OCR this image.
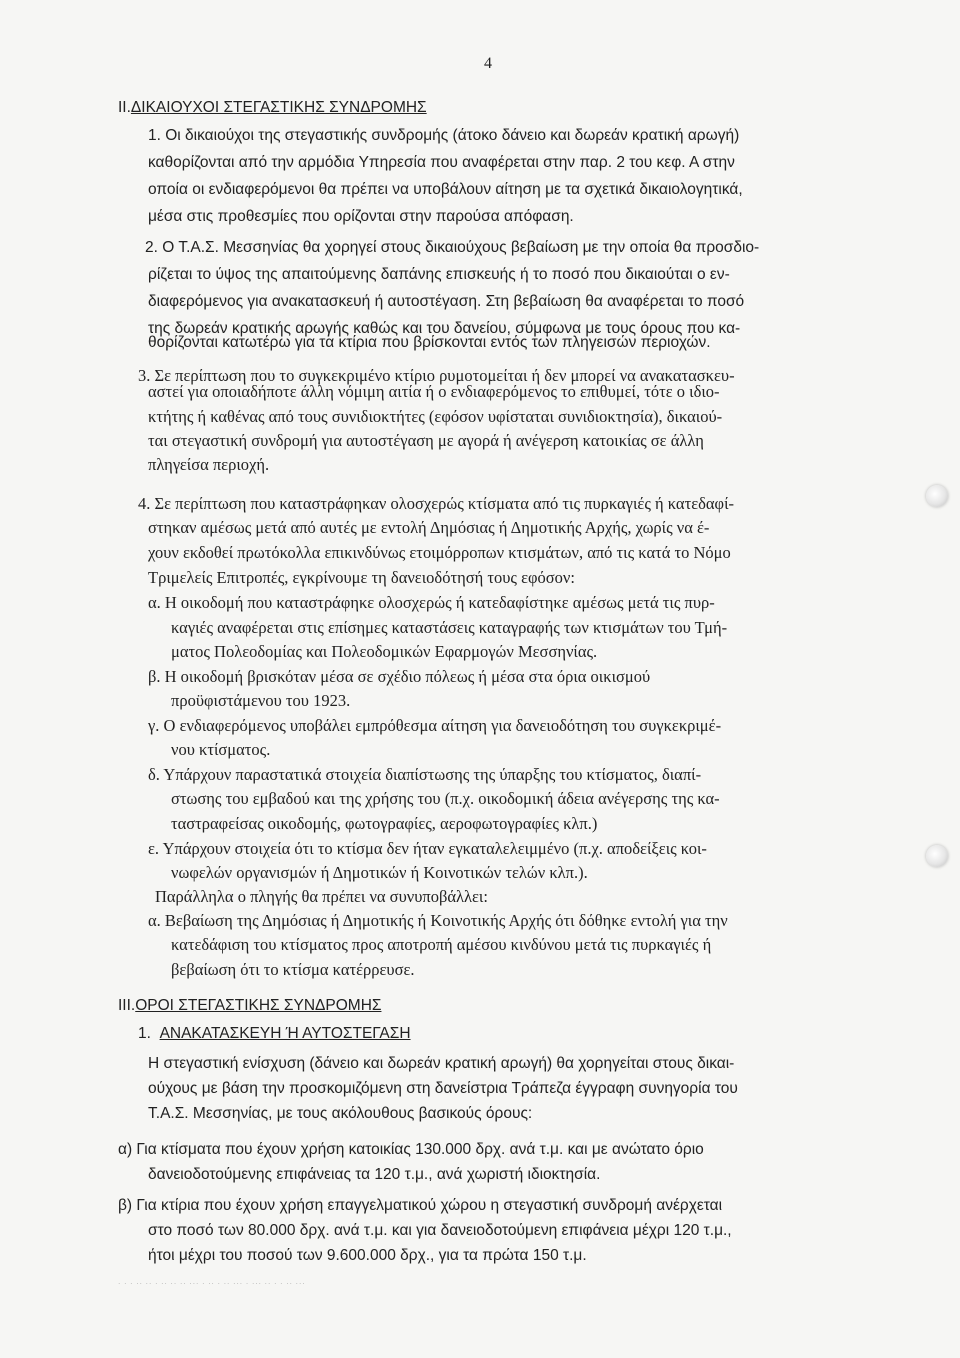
4
II.ΔΙΚΑΙΟΥΧΟΙ ΣΤΕΓΑΣΤΙΚΗΣ ΣΥΝΔΡΟΜΗΣ
1. Οι δικαιούχοι της στεγαστικής συνδρομής (άτοκο δάνειο και δωρεάν κρατική αρωγή)
καθορίζονται από την αρμόδια Υπηρεσία που αναφέρεται στην παρ. 2 του κεφ. Α στην
οποία οι ενδιαφερόμενοι θα πρέπει να υποβάλουν αίτηση με τα σχετικά δικαιολογητικά,
μέσα στις προθεσμίες που ορίζονται στην παρούσα απόφαση.
2. Ο Τ.Α.Σ. Μεσσηνίας θα χορηγεί στους δικαιούχους βεβαίωση με την οποία θα προσδιο-
ρίζεται το ύψος της απαιτούμενης δαπάνης επισκευής ή το ποσό που δικαιούται ο εν-
διαφερόμενος για ανακατασκευή ή αυτοστέγαση. Στη βεβαίωση θα αναφέρεται το ποσό
της δωρεάν κρατικής αρωγής καθώς και του δανείου, σύμφωνα με τους όρους που κα-
θορίζονται κατωτέρω για τα κτίρια που βρίσκονται εντός των πληγεισών περιοχών.
3. Σε περίπτωση που το συγκεκριμένο κτίριο ρυμοτομείται ή δεν μπορεί να ανακατασκευ-
αστεί για οποιαδήποτε άλλη νόμιμη αιτία ή ο ενδιαφερόμενος το επιθυμεί, τότε ο ιδιο-
κτήτης ή καθένας από τους συνιδιοκτήτες (εφόσον υφίσταται συνιδιοκτησία), δικαιού-
ται στεγαστική συνδρομή για αυτοστέγαση με αγορά ή ανέγερση κατοικίας σε άλλη
πληγείσα περιοχή.
4. Σε περίπτωση που καταστράφηκαν ολοσχερώς κτίσματα από τις πυρκαγιές ή κατεδαφί-
στηκαν αμέσως μετά από αυτές με εντολή Δημόσιας ή Δημοτικής Αρχής, χωρίς να έ-
χουν εκδοθεί πρωτόκολλα επικινδύνως ετοιμόρροπων κτισμάτων, από τις κατά το Νόμο
Τριμελείς Επιτροπές, εγκρίνουμε τη δανειοδότησή τους εφόσον:
α. Η οικοδομή που καταστράφηκε ολοσχερώς ή κατεδαφίστηκε αμέσως μετά τις πυρ-
καγιές αναφέρεται στις επίσημες καταστάσεις καταγραφής των κτισμάτων του Τμή-
ματος Πολεοδομίας και Πολεοδομικών Εφαρμογών Μεσσηνίας.
β. Η οικοδομή βρισκόταν μέσα σε σχέδιο πόλεως ή μέσα στα όρια οικισμού
προϋφιστάμενου του 1923.
γ. Ο ενδιαφερόμενος υποβάλει εμπρόθεσμα αίτηση για δανειοδότηση του συγκεκριμέ-
νου κτίσματος.
δ. Υπάρχουν παραστατικά στοιχεία διαπίστωσης της ύπαρξης του κτίσματος, διαπί-
στωσης του εμβαδού και της χρήσης του (π.χ. οικοδομική άδεια ανέγερσης της κα-
ταστραφείσας οικοδομής, φωτογραφίες, αεροφωτογραφίες κλπ.)
ε. Υπάρχουν στοιχεία ότι το κτίσμα δεν ήταν εγκαταλελειμμένο (π.χ. αποδείξεις κοι-
νωφελών οργανισμών ή Δημοτικών ή Κοινοτικών τελών κλπ.).
Παράλληλα ο πληγής θα πρέπει να συνυποβάλλει:
α. Βεβαίωση της Δημόσιας ή Δημοτικής ή Κοινοτικής Αρχής ότι δόθηκε εντολή για την
κατεδάφιση του κτίσματος προς αποτροπή αμέσου κινδύνου μετά τις πυρκαγιές ή
βεβαίωση ότι το κτίσμα κατέρρευσε.
III.ΟΡΟΙ ΣΤΕΓΑΣΤΙΚΗΣ ΣΥΝΔΡΟΜΗΣ
1. ΑΝΑΚΑΤΑΣΚΕΥΗ Ή ΑΥΤΟΣΤΕΓΑΣΗ
Η στεγαστική ενίσχυση (δάνειο και δωρεάν κρατική αρωγή) θα χορηγείται στους δικαι-
ούχους με βάση την προσκομιζόμενη στη δανείστρια Τράπεζα έγγραφη συνηγορία του
Τ.Α.Σ. Μεσσηνίας, με τους ακόλουθους βασικούς όρους:
α) Για κτίσματα που έχουν χρήση κατοικίας 130.000 δρχ. ανά τ.μ. και με ανώτατο όριο
δανειοδοτούμενης επιφάνειας τα 120 τ.μ., ανά χωριστή ιδιοκτησία.
β) Για κτίρια που έχουν χρήση επαγγελματικού χώρου η στεγαστική συνδρομή ανέρχεται
στο ποσό των 80.000 δρχ. ανά τ.μ. και για δανειοδοτούμενη επιφάνεια μέχρι 120 τ.μ.,
ήτοι μέχρι του ποσού των 9.600.000 δρχ., για τα πρώτα 150 τ.μ.
· · · ·· ·· · ·· ·· ·· ··· · ·· · ·· ··· · ··· ·· · · ·· ···
